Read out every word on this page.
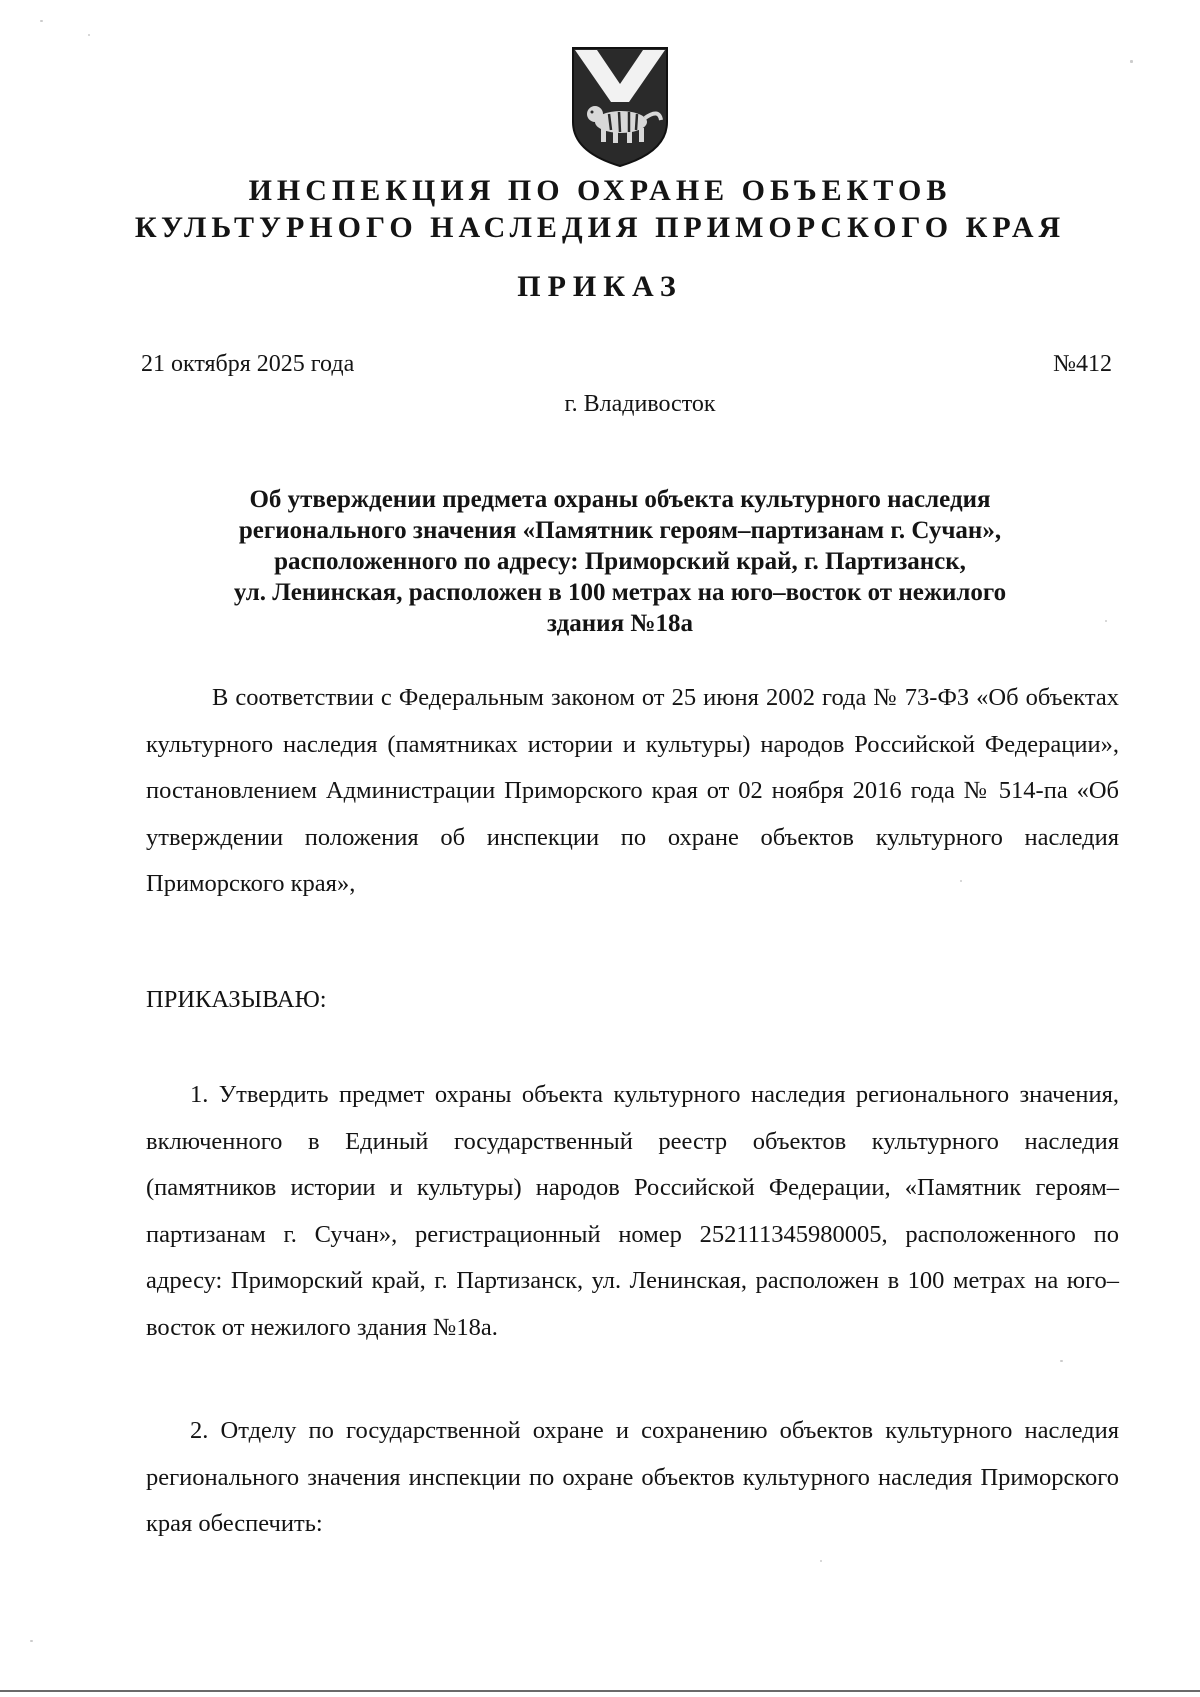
ИНСПЕКЦИЯ ПО ОХРАНЕ ОБЪЕКТОВ
КУЛЬТУРНОГО НАСЛЕДИЯ ПРИМОРСКОГО КРАЯ
ПРИКАЗ
21 октября 2025 года	№412
г. Владивосток
Об утверждении предмета охраны объекта культурного наследия
регионального значения «Памятник героям–партизанам г. Сучан»,
расположенного по адресу: Приморский край, г. Партизанск,
ул. Ленинская, расположен в 100 метрах на юго–восток от нежилого
здания №18а

В соответствии с Федеральным законом от 25 июня 2002 года № 73-ФЗ «Об объектах культурного наследия (памятниках истории и культуры) народов Российской Федерации», постановлением Администрации Приморского края от 02 ноября 2016 года № 514-па «Об утверждении положения об инспекции по охране объектов культурного наследия Приморского края»,

ПРИКАЗЫВАЮ:

1. Утвердить предмет охраны объекта культурного наследия регионального значения, включенного в Единый государственный реестр объектов культурного наследия (памятников истории и культуры) народов Российской Федерации, «Памятник героям–партизанам г. Сучан», регистрационный номер 252111345980005, расположенного по адресу: Приморский край, г. Партизанск, ул. Ленинская, расположен в 100 метрах на юго–восток от нежилого здания №18а.

2. Отделу по государственной охране и сохранению объектов культурного наследия регионального значения инспекции по охране объектов культурного наследия Приморского края обеспечить:
